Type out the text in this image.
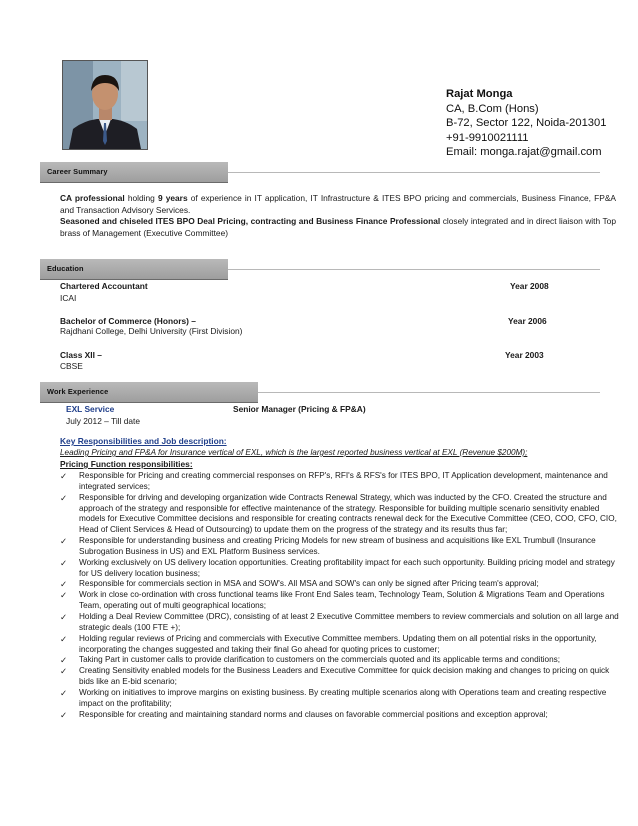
Rajat Monga
CA, B.Com (Hons)
B-72, Sector 122, Noida-201301
+91-9910021111
Email: monga.rajat@gmail.com
Career Summary

CA professional holding 9 years of experience in IT application, IT Infrastructure & ITES BPO pricing and commercials, Business Finance, FP&A and Transaction Advisory Services.

Seasoned and chiseled ITES BPO Deal Pricing, contracting and Business Finance Professional closely integrated and in direct liaison with Top brass of Management (Executive Committee)

Education
Chartered Accountant	Year 2008
ICAI
Bachelor of Commerce (Honors) –	Year 2006
Rajdhani College, Delhi University (First Division)
Class XII –	Year 2003
CBSE
Work Experience
EXL Service	Senior Manager (Pricing & FP&A)
July 2012 – Till date
Key Responsibilities and Job description:
Leading Pricing and FP&A for Insurance vertical of EXL, which is the largest reported business vertical at EXL (Revenue $200M);
Pricing Function responsibilities:
✓ Responsible for Pricing and creating commercial responses on RFP's, RFI's & RFS's for ITES BPO, IT Application development, maintenance and integrated services;
✓ Responsible for driving and developing organization wide Contracts Renewal Strategy, which was inducted by the CFO. Created the structure and approach of the strategy and responsible for effective maintenance of the strategy. Responsible for building multiple scenario sensitivity enabled models for Executive Committee decisions and responsible for creating contracts renewal deck for the Executive Committee (CEO, COO, CFO, CIO, Head of Client Services & Head of Outsourcing) to update them on the progress of the strategy and its results thus far;
✓ Responsible for understanding business and creating Pricing Models for new stream of business and acquisitions like EXL Trumbull (Insurance Subrogation Business in US) and EXL Platform Business services.
✓ Working exclusively on US delivery location opportunities. Creating profitability impact for each such opportunity. Building pricing model and strategy for US delivery location business;
✓ Responsible for commercials section in MSA and SOW's. All MSA and SOW's can only be signed after Pricing team's approval;
✓ Work in close co-ordination with cross functional teams like Front End Sales team, Technology Team, Solution & Migrations Team and Operations Team, operating out of multi geographical locations;
✓ Holding a Deal Review Committee (DRC), consisting of at least 2 Executive Committee members to review commercials and solution on all large and strategic deals (100 FTE +);
✓ Holding regular reviews of Pricing and commercials with Executive Committee members. Updating them on all potential risks in the opportunity, incorporating the changes suggested and taking their final Go ahead for quoting prices to customer;
✓ Taking Part in customer calls to provide clarification to customers on the commercials quoted and its applicable terms and conditions;
✓ Creating Sensitivity enabled models for the Business Leaders and Executive Committee for quick decision making and changes to pricing on quick bids like an E-bid scenario;
✓ Working on initiatives to improve margins on existing business. By creating multiple scenarios along with Operations team and creating respective impact on the profitability;
✓ Responsible for creating and maintaining standard norms and clauses on favorable commercial positions and exception approval;
